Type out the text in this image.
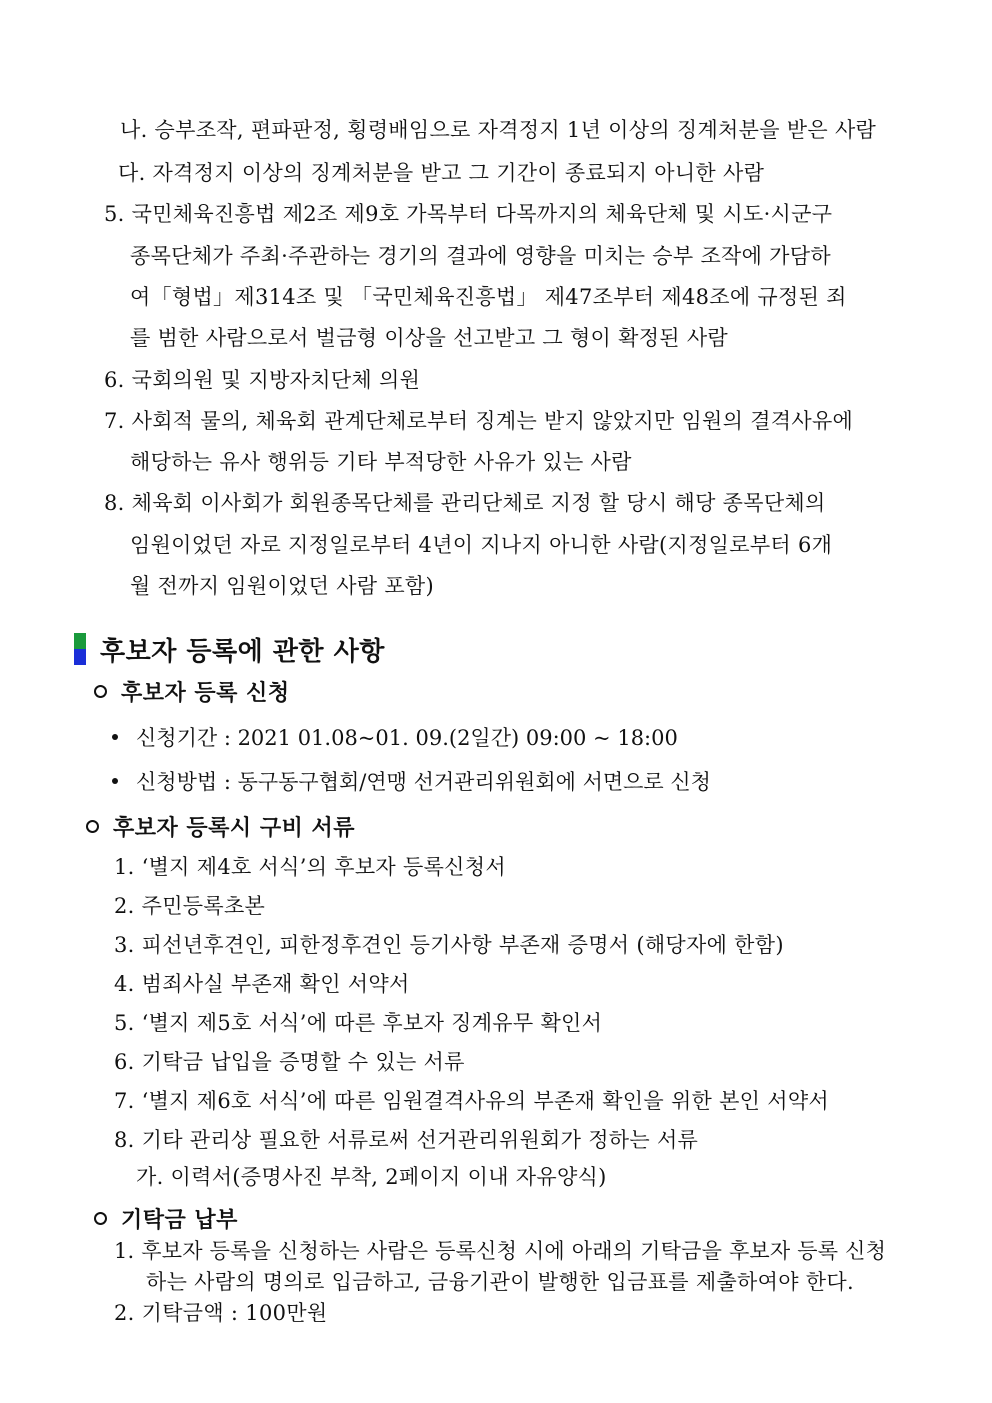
나. 승부조작, 편파판정, 횡령배임으로 자격정지 1년 이상의 징계처분을 받은 사람
다. 자격정지 이상의 징계처분을 받고 그 기간이 종료되지 아니한 사람
5. 국민체육진흥법 제2조 제9호 가목부터 다목까지의 체육단체 및 시도·시군구
종목단체가 주최·주관하는 경기의 결과에 영향을 미치는 승부 조작에 가담하
여「형법」제314조 및 「국민체육진흥법」 제47조부터 제48조에 규정된 죄
를 범한 사람으로서 벌금형 이상을 선고받고 그 형이 확정된 사람
6. 국회의원 및 지방자치단체 의원
7. 사회적 물의, 체육회 관계단체로부터 징계는 받지 않았지만 임원의 결격사유에
해당하는 유사 행위등 기타 부적당한 사유가 있는 사람
8. 체육회 이사회가 회원종목단체를 관리단체로 지정 할 당시 해당 종목단체의
임원이었던 자로 지정일로부터 4년이 지나지 아니한 사람(지정일로부터 6개
월 전까지 임원이었던 사람 포함)
후보자 등록에 관한 사항
후보자 등록 신청
신청기간 : 2021 01.08~01. 09.(2일간) 09:00 ~ 18:00
신청방법 : 동구동구협회/연맹 선거관리위원회에 서면으로 신청
후보자 등록시 구비 서류
1. ‘별지 제4호 서식’의 후보자 등록신청서
2. 주민등록초본
3. 피선년후견인, 피한정후견인 등기사항 부존재 증명서 (해당자에 한함)
4. 범죄사실 부존재 확인 서약서
5. ‘별지 제5호 서식’에 따른 후보자 징계유무 확인서
6. 기탁금 납입을 증명할 수 있는 서류
7. ‘별지 제6호 서식’에 따른 임원결격사유의 부존재 확인을 위한 본인 서약서
8. 기타 관리상 필요한 서류로써 선거관리위원회가 정하는 서류
가. 이력서(증명사진 부착, 2페이지 이내 자유양식)
기탁금 납부
1. 후보자 등록을 신청하는 사람은 등록신청 시에 아래의 기탁금을 후보자 등록 신청
하는 사람의 명의로 입금하고, 금융기관이 발행한 입금표를 제출하여야 한다.
2. 기탁금액 : 100만원
